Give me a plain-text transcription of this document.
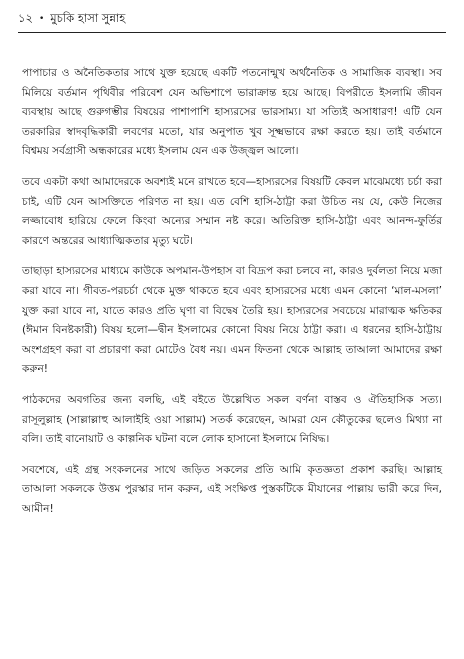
১২ • মুচকি হাসা সুন্নাহ

পাপাচার ও অনৈতিকতার সাথে যুক্ত হয়েছে একটি পতনোন্মুখ অর্থনৈতিক ও সামাজিক ব্যবস্থা। সব মিলিয়ে বর্তমান পৃথিবীর পরিবেশ যেন অভিশাপে ভারাক্রান্ত হয়ে আছে। বিপরীতে ইসলামি জীবন ব্যবস্থায় আছে গুরুগম্ভীর বিষয়ের পাশাপাশি হাস্যরসের ভারসাম্য। যা সত্যিই অসাধারণ! এটি যেন তরকারির স্বাদবৃদ্ধিকারী লবণের মতো, যার অনুপাত খুব সূক্ষ্মভাবে রক্ষা করতে হয়। তাই বর্তমানে বিশ্বময় সর্বগ্রাসী অন্ধকারের মধ্যে ইসলাম যেন এক উজ্জ্বল আলো।

তবে একটা কথা আমাদেরকে অবশ্যই মনে রাখতে হবে—হাস্যরসের বিষয়টি কেবল মাঝেমধ্যে চর্চা করা চাই, এটি যেন আসক্তিতে পরিণত না হয়। এত বেশি হাসি-ঠাট্টা করা উচিত নয় যে, কেউ নিজের লজ্জাবোধ হারিয়ে ফেলে কিংবা অন্যের সম্মান নষ্ট করে। অতিরিক্ত হাসি-ঠাট্টা এবং আনন্দ-ফুর্তির কারণে অন্তরের আধ্যাত্মিকতার মৃত্যু ঘটে।

তাছাড়া হাস্যরসের মাধ্যমে কাউকে অপমান-উপহাস বা বিদ্রূপ করা চলবে না, কারও দুর্বলতা নিয়ে মজা করা যাবে না। গীবত-পরচর্চা থেকে মুক্ত থাকতে হবে এবং হাস্যরসের মধ্যে এমন কোনো ‘মাল-মসলা’ যুক্ত করা যাবে না, যাতে কারও প্রতি ঘৃণা বা বিদ্বেষ তৈরি হয়। হাস্যরসের সবচেয়ে মারাত্মক ক্ষতিকর (ঈমান বিনষ্টকারী) বিষয় হলো—দ্বীন ইসলামের কোনো বিষয় নিয়ে ঠাট্টা করা। এ ধরনের হাসি-ঠাট্টায় অংশগ্রহণ করা বা প্রচারণা করা মোটেও বৈধ নয়। এমন ফিতনা থেকে আল্লাহ তাআলা আমাদের রক্ষা করুন!

পাঠকদের অবগতির জন্য বলছি, এই বইতে উল্লেখিত সকল বর্ণনা বাস্তব ও ঐতিহাসিক সত্য। রাসূলুল্লাহ (সাল্লাল্লাহু আলাইহি ওয়া সাল্লাম) সতর্ক করেছেন, আমরা যেন কৌতুকের ছলেও মিথ্যা না বলি। তাই বানোয়াট ও কাল্পনিক ঘটনা বলে লোক হাসানো ইসলামে নিষিদ্ধ।

সবশেষে, এই গ্রন্থ সংকলনের সাথে জড়িত সকলের প্রতি আমি কৃতজ্ঞতা প্রকাশ করছি। আল্লাহ তাআলা সকলকে উত্তম পুরস্কার দান করুন, এই সংক্ষিপ্ত পুস্তকটিকে মীযানের পাল্লায় ভারী করে দিন, আমীন!
